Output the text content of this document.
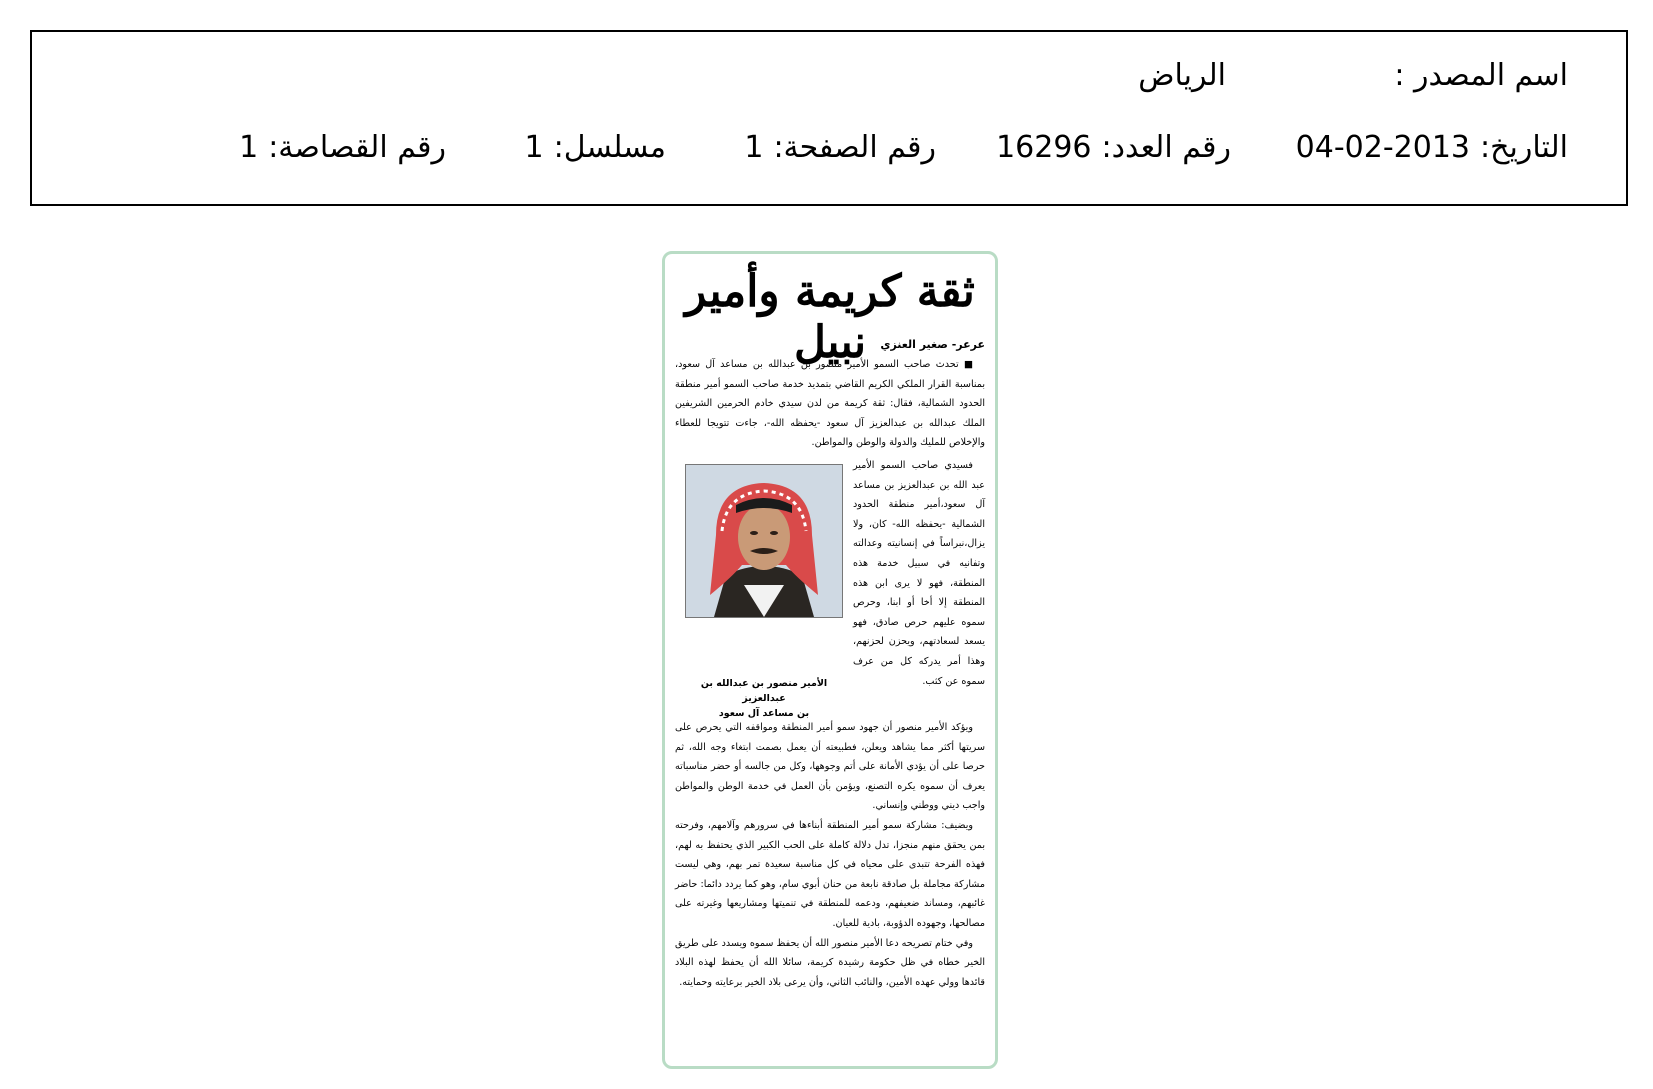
اسم المصدر :
الرياض
التاريخ:2013-02-04
رقم العدد:16296
رقم الصفحة:1
مسلسل:1
رقم القصاصة:1
ثقة كريمة وأمير نبيل	عرعر- صغير العنزي

■ تحدث صاحب السمو الأمير منصور بن عبدالله بن مساعد آل سعود، بمناسبة القرار الملكي الكريم القاضي بتمديد خدمة صاحب السمو أمير منطقة الحدود الشمالية، فقال: ثقة كريمة من لدن سيدي خادم الحرمين الشريفين الملك عبدالله بن عبدالعزيز آل سعود -يحفظه الله-، جاءت تتويجا للعطاء والإخلاص للمليك والدولة والوطن والمواطن.

فسيدي صاحب السمو الأمير عبد الله بن عبدالعزيز بن مساعد آل سعود،أمير منطقة الحدود الشمالية -يحفظه الله- كان، ولا يزال،نبراساً في إنسانيته وعدالته وتفانيه في سبيل خدمة هذه المنطقة، فهو لا يرى ابن هذه المنطقة إلا أخا أو ابنا، وحرص سموه عليهم حرص صادق، فهو يسعد لسعادتهم، ويحزن لحزنهم، وهذا أمر يدركه كل من عرف سموه عن كثب.

الأمير منصور بن عبدالله بن عبدالعزيز
بن مساعد آل سعود

ويؤكد الأمير منصور أن جهود سمو أمير المنطقة ومواقفه التي يحرص على سريتها أكثر مما يشاهد ويعلن، فطبيعته أن يعمل بصمت ابتغاء وجه الله، ثم حرصا على أن يؤدي الأمانة على أتم وجوهها، وكل من جالسه أو حضر مناسباته يعرف أن سموه يكره التصنع، ويؤمن بأن العمل في خدمة الوطن والمواطن واجب ديني ووطني وإنساني.

ويضيف: مشاركة سمو أمير المنطقة أبناءها في سرورهم وآلامهم، وفرحته بمن يحقق منهم منجزا، تدل دلالة كاملة على الحب الكبير الذي يحتفظ به لهم، فهذه الفرحة تتبدى على محياه في كل مناسبة سعيدة تمر بهم، وهي ليست مشاركة مجاملة بل صادقة نابعة من حنان أبوي سام، وهو كما يردد دائما: حاضر غائبهم، ومساند ضعيفهم، ودعمه للمنطقة في تنميتها ومشاريعها وغيرته على مصالحها، وجهوده الدؤوبة، بادية للعيان.

وفي ختام تصريحه دعا الأمير منصور الله أن يحفظ سموه ويسدد على طريق الخير خطاه في ظل حكومة رشيدة كريمة، سائلا الله أن يحفظ لهذه البلاد قائدها وولي عهده الأمين، والنائب الثاني، وأن يرعى بلاد الخير برعايته وحمايته.
